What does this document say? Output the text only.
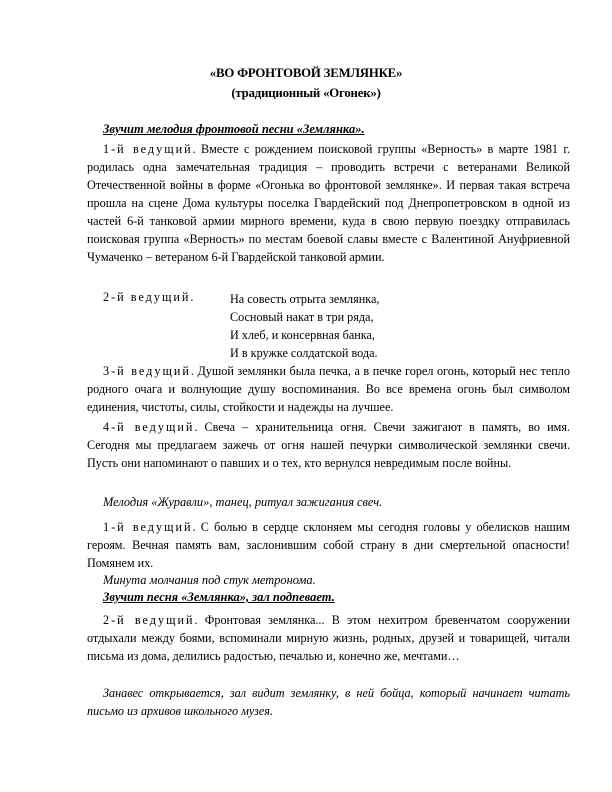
«ВО ФРОНТОВОЙ ЗЕМЛЯНКЕ»
(традиционный «Огонек»)
Звучит мелодия фронтовой песни «Землянка».

1-й ведущий. Вместе с рождением поисковой группы «Верность» в марте 1981 г. родилась одна замечательная традиция – проводить встречи с ветеранами Великой Отечественной войны в форме «Огонька во фронтовой землянке». И первая такая встреча прошла на сцене Дома культуры поселка Гвардейский под Днепропетровском в одной из частей 6-й танковой армии мирного времени, куда в свою первую поездку отправилась поисковая группа «Верность» по местам боевой славы вместе с Валентиной Ануфриевной Чумаченко – ветераном 6-й Гвардейской танковой армии.

2-й ведущий.	На совесть отрыта землянка,
Сосновый накат в три ряда,
И хлеб, и консервная банка,
И в кружке солдатской вода.

3-й ведущий. Душой землянки была печка, а в печке горел огонь, который нес тепло родного очага и волнующие душу воспоминания. Во все времена огонь был символом единения, чистоты, силы, стойкости и надежды на лучшее.

4-й ведущий. Свеча – хранительница огня. Свечи зажигают в память, во имя. Сегодня мы предлагаем зажечь от огня нашей печурки символической землянки свечи. Пусть они напоминают о павших и о тех, кто вернулся невредимым после войны.

Мелодия «Журавли», танец, ритуал зажигания свеч.

1-й ведущий. С болью в сердце склоняем мы сегодня головы у обелисков нашим героям. Вечная память вам, заслонившим собой страну в дни смертельной опасности! Помянем их.

Минута молчания под стук метронома.
Звучит песня «Землянка», зал подпевает.

2-й ведущий. Фронтовая землянка... В этом нехитром бревенчатом сооружении отдыхали между боями, вспоминали мирную жизнь, родных, друзей и товарищей, читали письма из дома, делились радостью, печалью и, конечно же, мечтами…

Занавес открывается, зал видит землянку, в ней бойца, который начинает читать письмо из архивов школьного музея.
